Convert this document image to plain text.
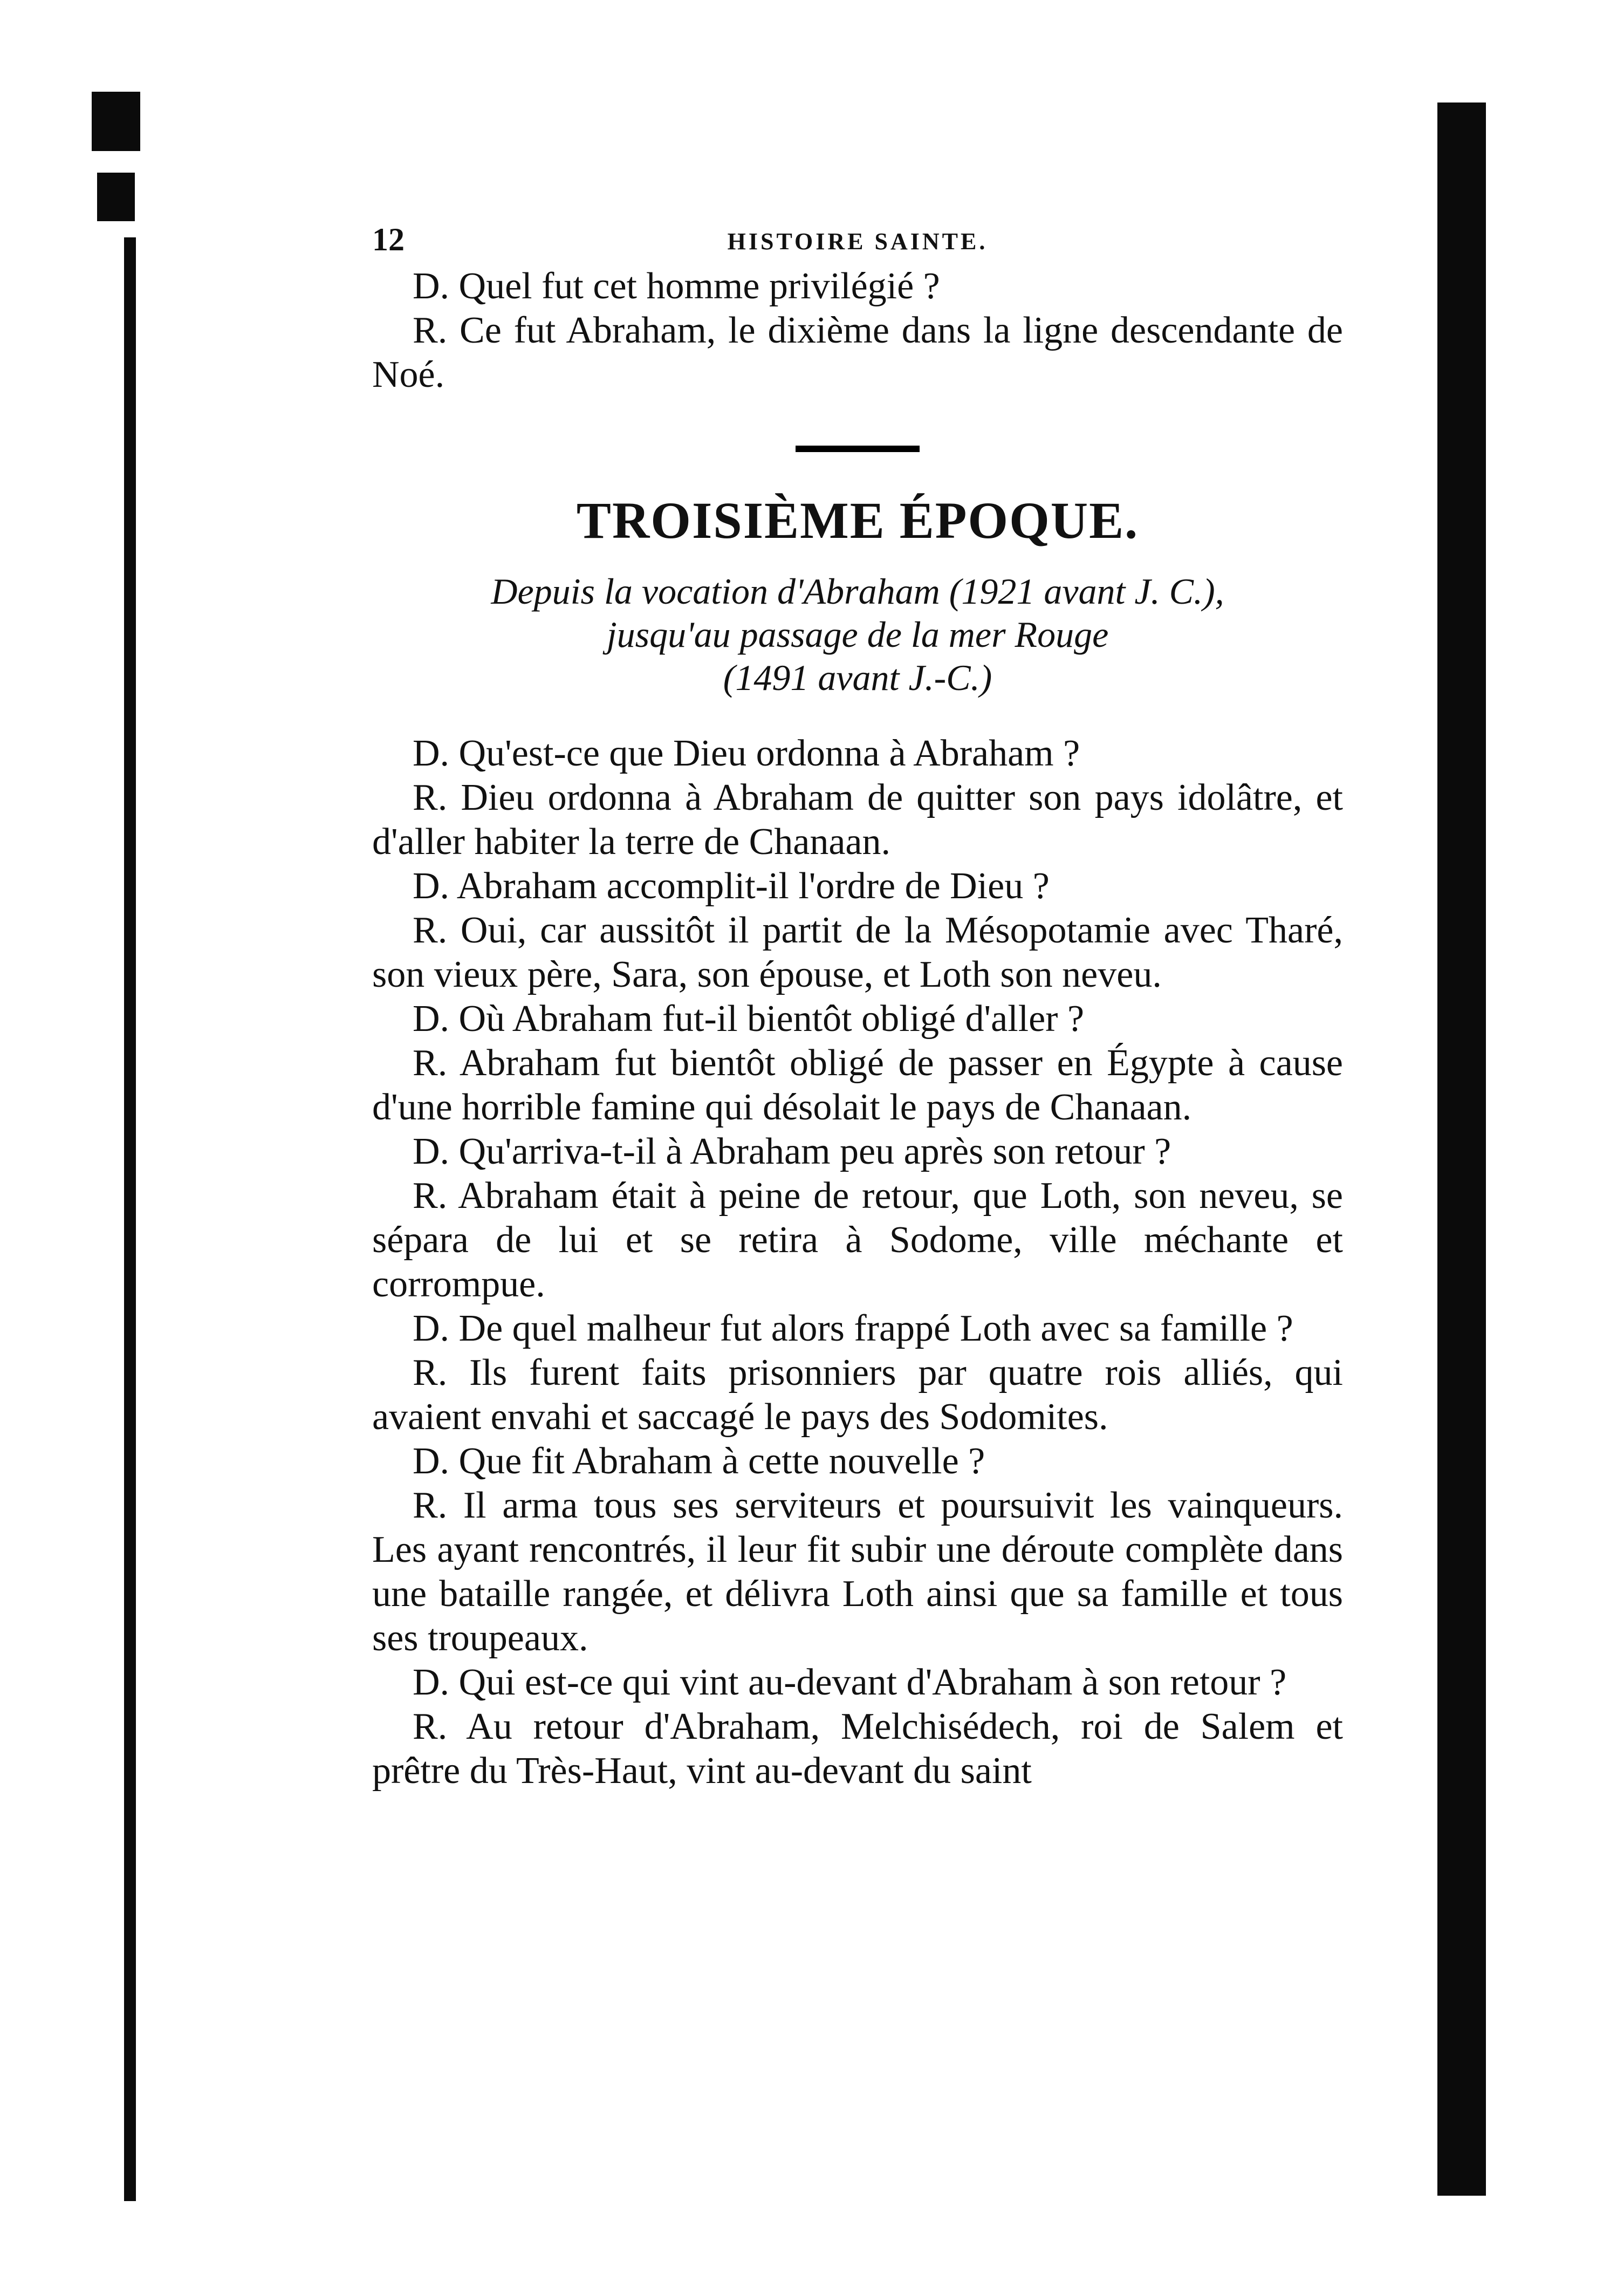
12	HISTOIRE SAINTE.

D. Quel fut cet homme privilégié ?

R. Ce fut Abraham, le dixième dans la ligne descendante de Noé.

TROISIÈME ÉPOQUE.
Depuis la vocation d'Abraham (1921 avant J. C.),
jusqu'au passage de la mer Rouge
(1491 avant J.-C.)

D. Qu'est-ce que Dieu ordonna à Abraham ?

R. Dieu ordonna à Abraham de quitter son pays idolâtre, et d'aller habiter la terre de Chanaan.

D. Abraham accomplit-il l'ordre de Dieu ?

R. Oui, car aussitôt il partit de la Mésopotamie avec Tharé, son vieux père, Sara, son épouse, et Loth son neveu.

D. Où Abraham fut-il bientôt obligé d'aller ?

R. Abraham fut bientôt obligé de passer en Égypte à cause d'une horrible famine qui désolait le pays de Chanaan.

D. Qu'arriva-t-il à Abraham peu après son retour ?

R. Abraham était à peine de retour, que Loth, son neveu, se sépara de lui et se retira à Sodome, ville méchante et corrompue.

D. De quel malheur fut alors frappé Loth avec sa famille ?

R. Ils furent faits prisonniers par quatre rois alliés, qui avaient envahi et saccagé le pays des Sodomites.

D. Que fit Abraham à cette nouvelle ?

R. Il arma tous ses serviteurs et poursuivit les vainqueurs. Les ayant rencontrés, il leur fit subir une déroute complète dans une bataille rangée, et délivra Loth ainsi que sa famille et tous ses troupeaux.

D. Qui est-ce qui vint au-devant d'Abraham à son retour ?

R. Au retour d'Abraham, Melchisédech, roi de Salem et prêtre du Très-Haut, vint au-devant du saint
